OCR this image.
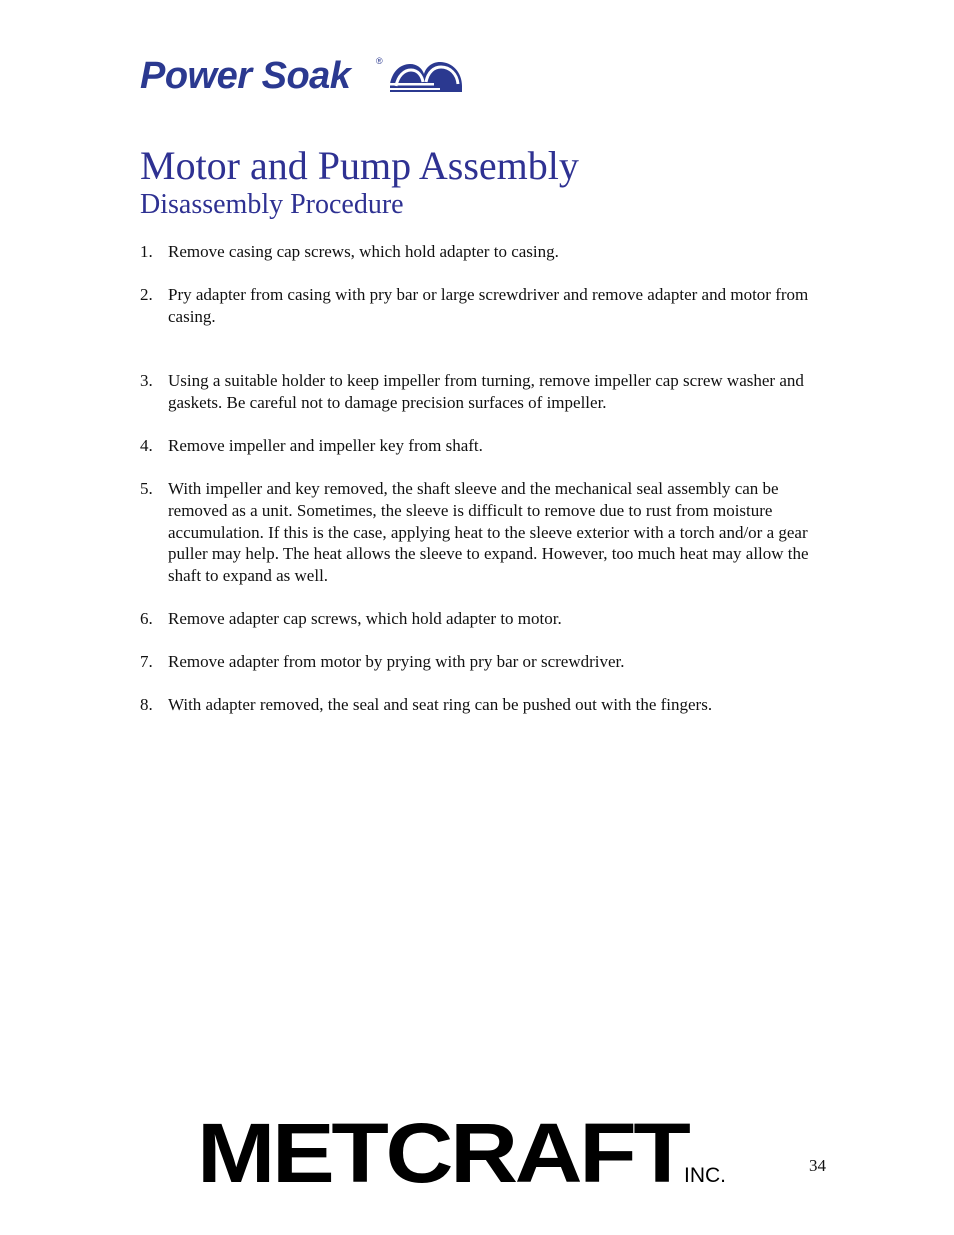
Power Soak	®
Motor and Pump Assembly
Disassembly Procedure
1. Remove casing cap screws, which hold adapter to casing.
2. Pry adapter from casing with pry bar or large screwdriver and remove adapter and motor from casing.
3. Using a suitable holder to keep impeller from turning, remove impeller cap screw washer and gaskets. Be careful not to damage precision surfaces of impeller.
4. Remove impeller and impeller key from shaft.
5. With impeller and key removed, the shaft sleeve and the mechanical seal assembly can be removed as a unit. Sometimes, the sleeve is difficult to remove due to rust from moisture accumulation. If this is the case, applying heat to the sleeve exterior with a torch and/or a gear puller may help. The heat allows the sleeve to expand. However, too much heat may allow the shaft to expand as well.
6. Remove adapter cap screws, which hold adapter to motor.
7. Remove adapter from motor by prying with pry bar or screwdriver.
8. With adapter removed, the seal and seat ring can be pushed out with the fingers.
METCRAFT
INC.	34
